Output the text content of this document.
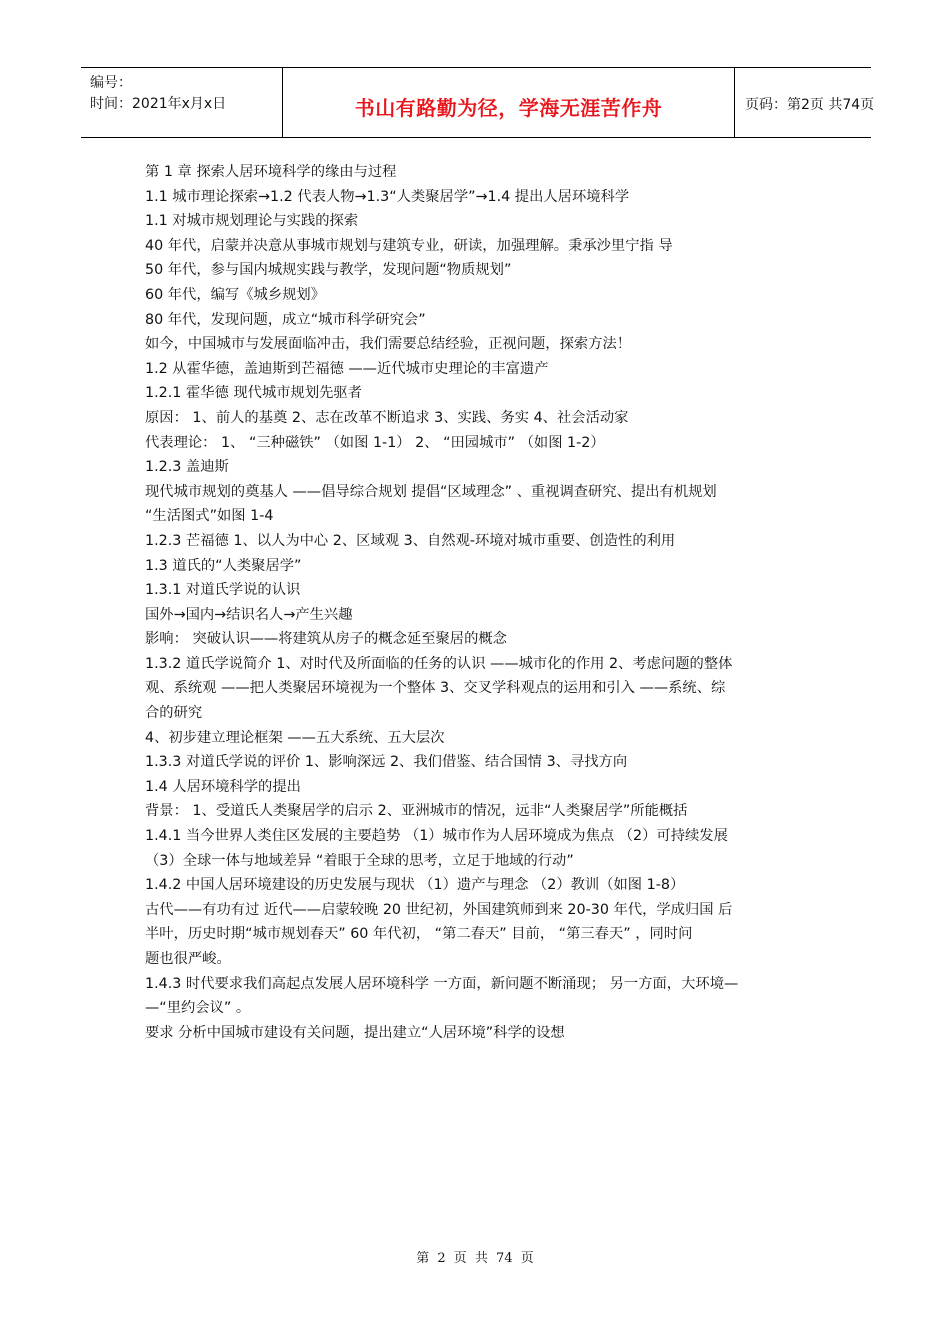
编号：
时间：2021年x月x日	书山有路勤为径，学海无涯苦作舟	页码：第2页 共74页
第 1 章 探索人居环境科学的缘由与过程
1.1 城市理论探索→1.2 代表人物→1.3“人类聚居学”→1.4 提出人居环境科学
1.1 对城市规划理论与实践的探索
40 年代，启蒙并决意从事城市规划与建筑专业，研读，加强理解。秉承沙里宁指 导
50 年代，参与国内城规实践与教学，发现问题“物质规划”
60 年代，编写《城乡规划》
80 年代，发现问题，成立“城市科学研究会”
如今，中国城市与发展面临冲击，我们需要总结经验，正视问题，探索方法！
1.2 从霍华德，盖迪斯到芒福德 ——近代城市史理论的丰富遗产
1.2.1 霍华德 现代城市规划先驱者
原因： 1、前人的基奠 2、志在改革不断追求 3、实践、务实 4、社会活动家
代表理论： 1、 “三种磁铁” （如图 1-1） 2、 “田园城市” （如图 1-2）
1.2.3 盖迪斯
现代城市规划的奠基人 ——倡导综合规划 提倡“区域理念” 、重视调查研究、提出有机规划
“生活图式”如图 1-4
1.2.3 芒福德 1、以人为中心 2、区域观 3、自然观-环境对城市重要、创造性的利用
1.3 道氏的“人类聚居学”
1.3.1 对道氏学说的认识
国外→国内→结识名人→产生兴趣
影响： 突破认识——将建筑从房子的概念延至聚居的概念
1.3.2 道氏学说简介 1、对时代及所面临的任务的认识 ——城市化的作用 2、考虑问题的整体
观、系统观 ——把人类聚居环境视为一个整体 3、交叉学科观点的运用和引入 ——系统、综
合的研究
4、初步建立理论框架 ——五大系统、五大层次
1.3.3 对道氏学说的评价 1、影响深远 2、我们借鉴、结合国情 3、寻找方向
1.4 人居环境科学的提出
背景： 1、受道氏人类聚居学的启示 2、亚洲城市的情况，远非“人类聚居学”所能概括
1.4.1 当今世界人类住区发展的主要趋势 （1）城市作为人居环境成为焦点 （2）可持续发展
（3）全球一体与地域差异 “着眼于全球的思考，立足于地域的行动”
1.4.2 中国人居环境建设的历史发展与现状 （1）遗产与理念 （2）教训（如图 1-8）
古代——有功有过 近代——启蒙较晚 20 世纪初，外国建筑师到来 20-30 年代，学成归国 后
半叶，历史时期“城市规划春天” 60 年代初， “第二春天” 目前， “第三春天” ，同时问
题也很严峻。
1.4.3 时代要求我们高起点发展人居环境科学 一方面，新问题不断涌现； 另一方面，大环境—
—“里约会议” 。
要求 分析中国城市建设有关问题，提出建立“人居环境”科学的设想
第 2 页 共 74 页
